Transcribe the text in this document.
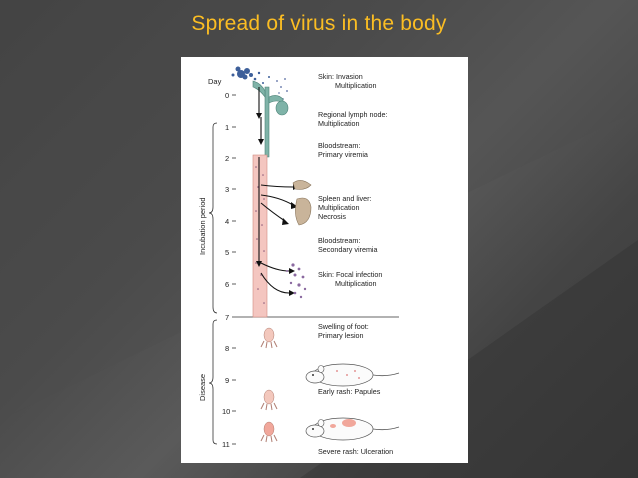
Spread of virus in the body
Day
0
1
2
3
4
5
6
7
8
9
10
11
Incubation period
Disease
Skin: Invasion
Multiplication
Regional lymph node:
Multiplication
Bloodstream:
Primary viremia
Spleen and liver:
Multiplication
Necrosis
Bloodstream:
Secondary viremia
Skin: Focal infection
Multiplication
Swelling of foot:
Primary lesion
Early rash: Papules
Severe rash: Ulceration
